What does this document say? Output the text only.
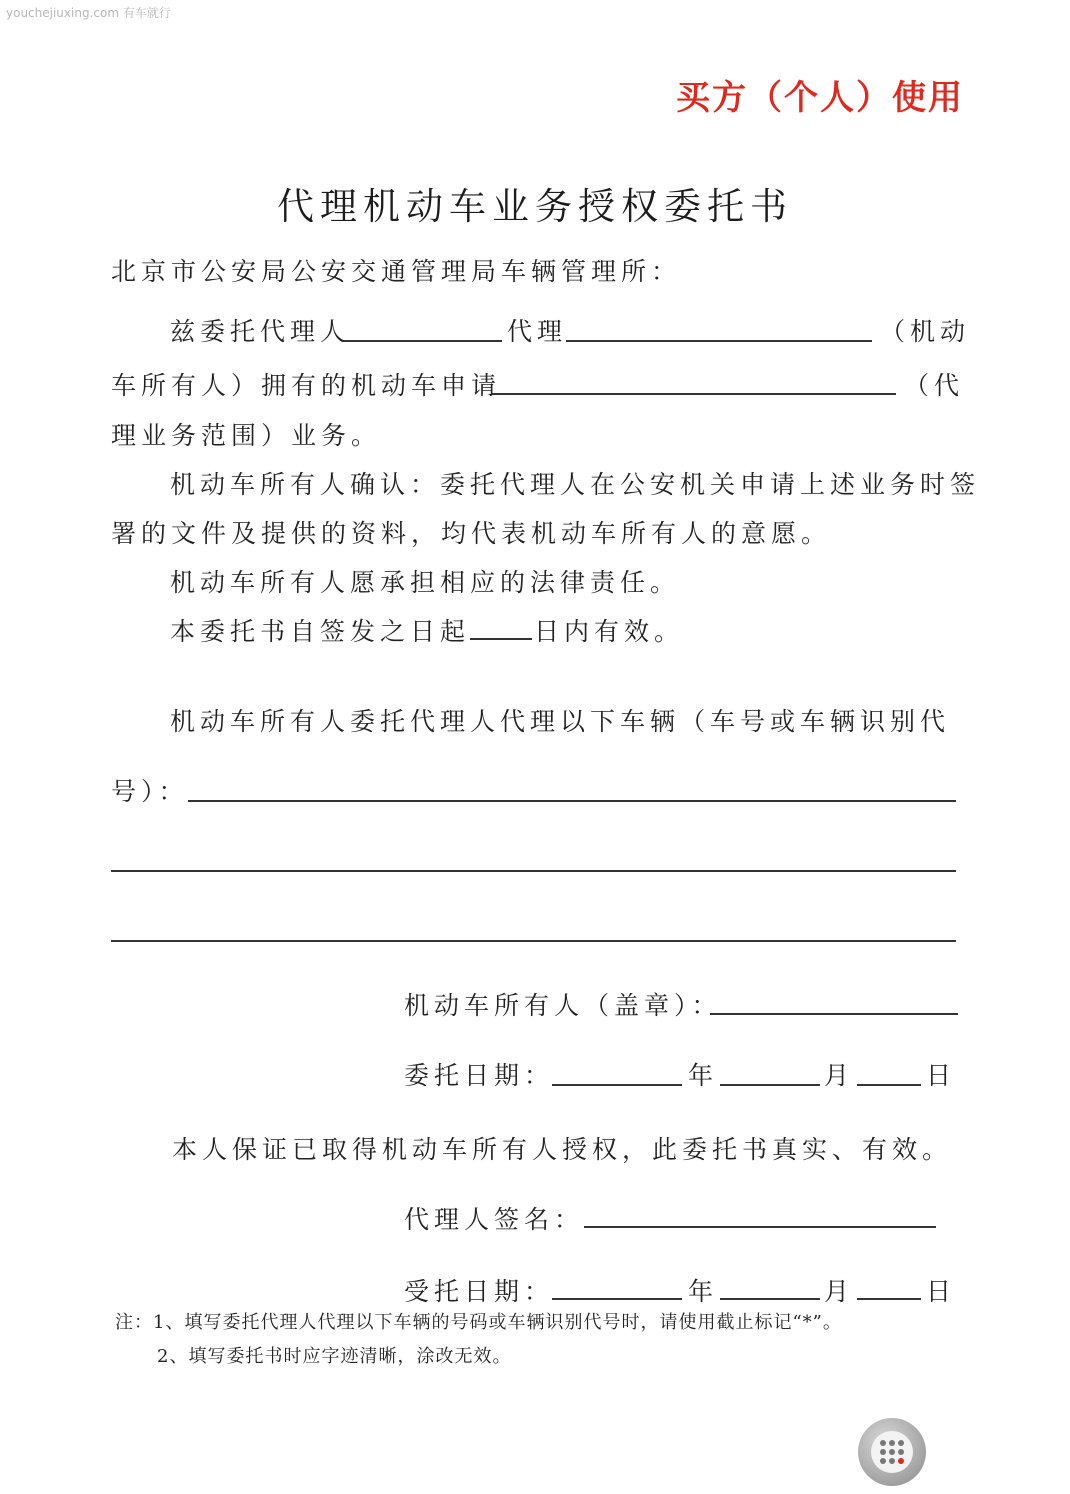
youchejiuxing.com 有车就行
买方（个人）使用
代理机动车业务授权委托书
北京市公安局公安交通管理局车辆管理所：
兹委托代理人	代理	（机动
车所有人）拥有的机动车申请	（代
理业务范围）业务。
机动车所有人确认：委托代理人在公安机关申请上述业务时签
署的文件及提供的资料，均代表机动车所有人的意愿。
机动车所有人愿承担相应的法律责任。
本委托书自签发之日起	日内有效。
机动车所有人委托代理人代理以下车辆（车号或车辆识别代
号）：
机动车所有人（盖章）：
委托日期：	年	月	日
本人保证已取得机动车所有人授权，此委托书真实、有效。
代理人签名：
受托日期：	年	月	日
注：1、填写委托代理人代理以下车辆的号码或车辆识别代号时，请使用截止标记“*”。
2、填写委托书时应字迹清晰，涂改无效。
